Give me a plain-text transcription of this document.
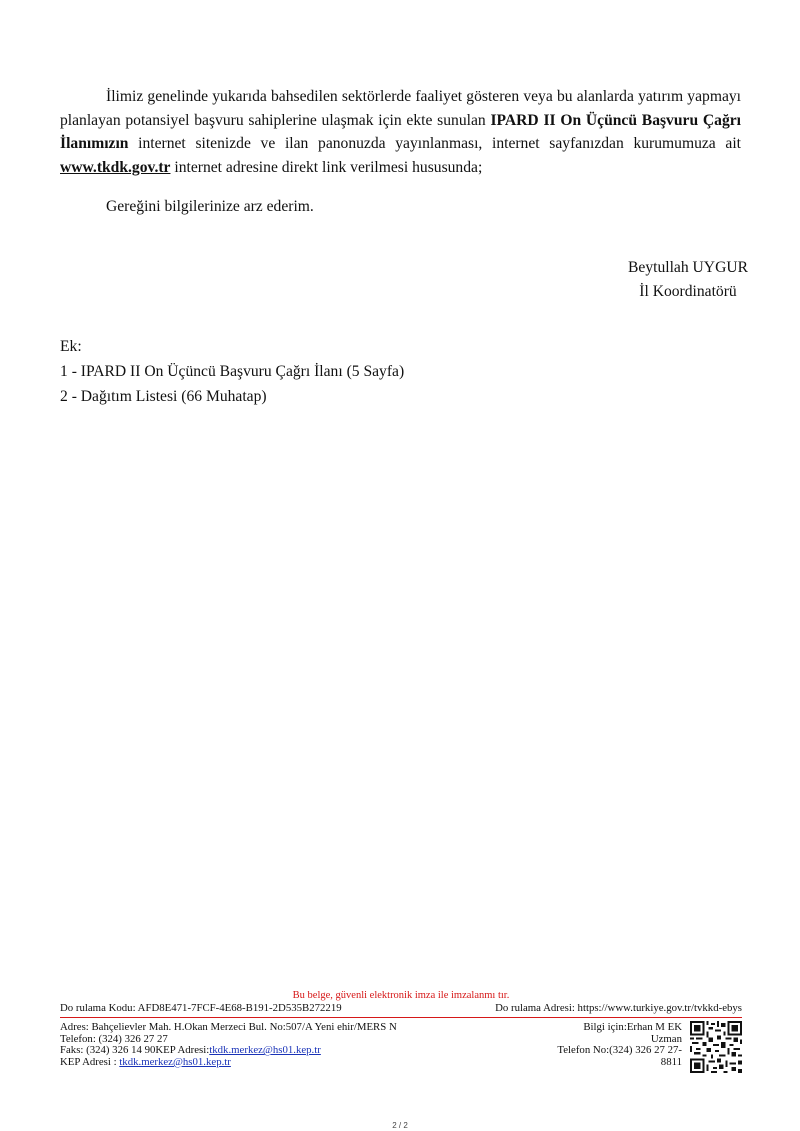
İlimiz genelinde yukarıda bahsedilen sektörlerde faaliyet gösteren veya bu alanlarda yatırım yapmayı planlayan potansiyel başvuru sahiplerine ulaşmak için ekte sunulan IPARD II On Üçüncü Başvuru Çağrı İlanımızın internet sitenizde ve ilan panonuzda yayınlanması, internet sayfanızdan kurumumuza ait www.tkdk.gov.tr internet adresine direkt link verilmesi hususunda;

Gereğini bilgilerinize arz ederim.

Beytullah UYGUR
İl Koordinatörü
Ek:
1 - IPARD II On Üçüncü Başvuru Çağrı İlanı (5 Sayfa)
2 - Dağıtım Listesi (66 Muhatap)
Bu belge, güvenli elektronik imza ile imzalanmı tır.
Do rulama Kodu: AFD8E471-7FCF-4E68-B191-2D535B272219	Do rulama Adresi: https://www.turkiye.gov.tr/tvkkd-ebys
Adres: Bahçelievler Mah. H.Okan Merzeci Bul. No:507/A Yeni ehir/MERS N
Telefon: (324) 326 27 27
Faks: (324) 326 14 90KEP Adresi:tkdk.merkez@hs01.kep.tr
KEP Adresi : tkdk.merkez@hs01.kep.tr
Bilgi için:Erhan M EK
Uzman
Telefon No:(324) 326 27 27-
8811
2 / 2
